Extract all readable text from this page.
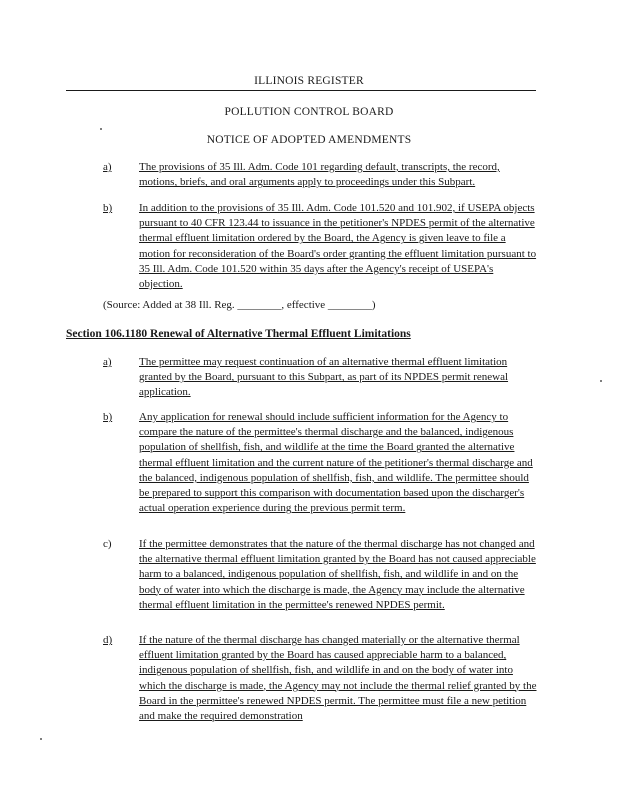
ILLINOIS REGISTER
POLLUTION CONTROL BOARD
NOTICE OF ADOPTED AMENDMENTS
a) The provisions of 35 Ill. Adm. Code 101 regarding default, transcripts, the record, motions, briefs, and oral arguments apply to proceedings under this Subpart.
b) In addition to the provisions of 35 Ill. Adm. Code 101.520 and 101.902, if USEPA objects pursuant to 40 CFR 123.44 to issuance in the petitioner's NPDES permit of the alternative thermal effluent limitation ordered by the Board, the Agency is given leave to file a motion for reconsideration of the Board's order granting the effluent limitation pursuant to 35 Ill. Adm. Code 101.520 within 35 days after the Agency's receipt of USEPA's objection.
(Source: Added at 38 Ill. Reg. ________, effective ________)
Section 106.1180 Renewal of Alternative Thermal Effluent Limitations
a) The permittee may request continuation of an alternative thermal effluent limitation granted by the Board, pursuant to this Subpart, as part of its NPDES permit renewal application.
b) Any application for renewal should include sufficient information for the Agency to compare the nature of the permittee's thermal discharge and the balanced, indigenous population of shellfish, fish, and wildlife at the time the Board granted the alternative thermal effluent limitation and the current nature of the petitioner's thermal discharge and the balanced, indigenous population of shellfish, fish, and wildlife. The permittee should be prepared to support this comparison with documentation based upon the discharger's actual operation experience during the previous permit term.
c) If the permittee demonstrates that the nature of the thermal discharge has not changed and the alternative thermal effluent limitation granted by the Board has not caused appreciable harm to a balanced, indigenous population of shellfish, fish, and wildlife in and on the body of water into which the discharge is made, the Agency may include the alternative thermal effluent limitation in the permittee's renewed NPDES permit.
d) If the nature of the thermal discharge has changed materially or the alternative thermal effluent limitation granted by the Board has caused appreciable harm to a balanced, indigenous population of shellfish, fish, and wildlife in and on the body of water into which the discharge is made, the Agency may not include the thermal relief granted by the Board in the permittee's renewed NPDES permit. The permittee must file a new petition and make the required demonstration
